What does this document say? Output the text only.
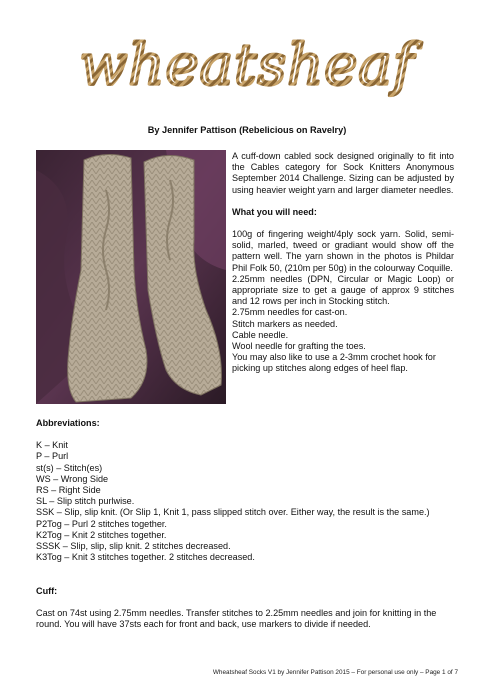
wheatsheaf
By Jennifer Pattison (Rebelicious on Ravelry)

A cuff-down cabled sock designed originally to fit into the Cables category for Sock Knitters Anonymous September 2014 Challenge. Sizing can be adjusted by using heavier weight yarn and larger diameter needles.

What you will need:

100g of fingering weight/4ply sock yarn. Solid, semi-solid, marled, tweed or gradiant would show off the pattern well. The yarn shown in the photos is Phildar Phil Folk 50, (210m per 50g) in the colourway Coquille.

2.25mm needles (DPN, Circular or Magic Loop) or appropriate size to get a gauge of approx 9 stitches and 12 rows per inch in Stocking stitch.

2.75mm needles for cast-on.

Stitch markers as needed.

Cable needle.

Wool needle for grafting the toes.

You may also like to use a 2-3mm crochet hook for picking up stitches along edges of heel flap.

Abbreviations:

K – Knit

P – Purl

st(s) – Stitch(es)

WS – Wrong Side

RS – Right Side

SL – Slip stitch purlwise.

SSK – Slip, slip knit. (Or Slip 1, Knit 1, pass slipped stitch over. Either way, the result is the same.)

P2Tog – Purl 2 stitches together.

K2Tog – Knit 2 stitches together.

SSSK – Slip, slip, slip knit. 2 stitches decreased.

K3Tog – Knit 3 stitches together. 2 stitches decreased.

Cuff:

Cast on 74st using 2.75mm needles. Transfer stitches to 2.25mm needles and join for knitting in the round. You will have 37sts each for front and back, use markers to divide if needed.

Wheatsheaf Socks V1 by Jennifer Pattison 2015 – For personal use only – Page 1 of 7
